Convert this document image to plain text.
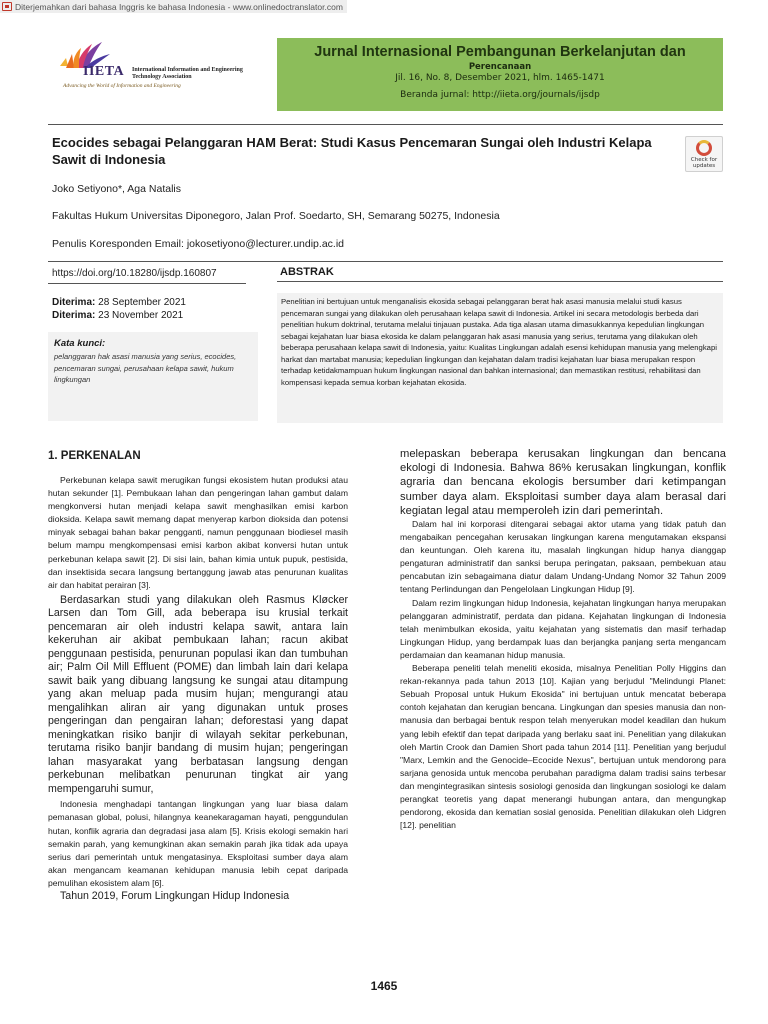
Diterjemahkan dari bahasa Inggris ke bahasa Indonesia - www.onlinedoctranslator.com
IIETA International Information and Engineering Technology Association
Advancing the World of Information and Engineering
Jurnal Internasional Pembangunan Berkelanjutan dan
Perencanaan
Jil. 16, No. 8, Desember 2021, hlm. 1465-1471
Beranda jurnal: http://iieta.org/journals/ijsdp
Ecocides sebagai Pelanggaran HAM Berat: Studi Kasus Pencemaran Sungai oleh Industri Kelapa Sawit di Indonesia	Check for updates
Joko Setiyono*, Aga Natalis
Fakultas Hukum Universitas Diponegoro, Jalan Prof. Soedarto, SH, Semarang 50275, Indonesia
Penulis Koresponden Email: jokosetiyono@lecturer.undip.ac.id
https://doi.org/10.18280/ijsdp.160807
Diterima: 28 September 2021
Diterima: 23 November 2021
Kata kunci:
pelanggaran hak asasi manusia yang serius, ecocides, pencemaran sungai, perusahaan kelapa sawit, hukum lingkungan
ABSTRAK

Penelitian ini bertujuan untuk menganalisis ekosida sebagai pelanggaran berat hak asasi manusia melalui studi kasus pencemaran sungai yang dilakukan oleh perusahaan kelapa sawit di Indonesia. Artikel ini secara metodologis berbeda dari penelitian hukum doktrinal, terutama melalui tinjauan pustaka. Ada tiga alasan utama dimasukkannya kepedulian lingkungan sebagai kejahatan luar biasa ekosida ke dalam pelanggaran hak asasi manusia yang serius, terutama yang dilakukan oleh beberapa perusahaan kelapa sawit di Indonesia, yaitu: Kualitas Lingkungan adalah esensi kehidupan manusia yang melengkapi harkat dan martabat manusia; kepedulian lingkungan dan kejahatan dalam tradisi kejahatan luar biasa merupakan respon terhadap ketidakmampuan hukum lingkungan nasional dan bahkan internasional; dan memastikan restitusi, rehabilitasi dan kompensasi kepada semua korban kejahatan ekosida.

1. PERKENALAN

Perkebunan kelapa sawit merugikan fungsi ekosistem hutan produksi atau hutan sekunder [1]. Pembukaan lahan dan pengeringan lahan gambut dalam mengkonversi hutan menjadi kelapa sawit menghasilkan emisi karbon dioksida. Kelapa sawit memang dapat menyerap karbon dioksida dan potensi minyak sebagai bahan bakar pengganti, namun penggunaan biodiesel masih belum mampu mengkompensasi emisi karbon akibat konversi hutan untuk perkebunan kelapa sawit [2]. Di sisi lain, bahan kimia untuk pupuk, pestisida, dan insektisida secara langsung bertanggung jawab atas penurunan kualitas air dan habitat perairan [3].

Berdasarkan studi yang dilakukan oleh Rasmus Kløcker Larsen dan Tom Gill, ada beberapa isu krusial terkait pencemaran air oleh industri kelapa sawit, antara lain kekeruhan air akibat pembukaan lahan; racun akibat penggunaan pestisida, penurunan populasi ikan dan tumbuhan air; Palm Oil Mill Effluent (POME) dan limbah lain dari kelapa sawit baik yang dibuang langsung ke sungai atau ditampung yang akan meluap pada musim hujan; mengurangi atau mengalihkan aliran air yang digunakan untuk proses pengeringan dan pengairan lahan; deforestasi yang dapat meningkatkan risiko banjir di wilayah sekitar perkebunan, terutama risiko banjir bandang di musim hujan; pengeringan lahan masyarakat yang berbatasan langsung dengan perkebunan melibatkan penurunan tingkat air yang mempengaruhi sumur,

Indonesia menghadapi tantangan lingkungan yang luar biasa dalam pemanasan global, polusi, hilangnya keanekaragaman hayati, penggundulan hutan, konflik agraria dan degradasi jasa alam [5]. Krisis ekologi semakin hari semakin parah, yang kemungkinan akan semakin parah jika tidak ada upaya serius dari pemerintah untuk mengatasinya. Eksploitasi sumber daya alam akan mengancam keamanan kehidupan manusia lebih cepat daripada pemulihan ekosistem alam [6].

Tahun 2019, Forum Lingkungan Hidup Indonesia

melepaskan beberapa kerusakan lingkungan dan bencana ekologi di Indonesia. Bahwa 86% kerusakan lingkungan, konflik agraria dan bencana ekologis bersumber dari ketimpangan sumber daya alam. Eksploitasi sumber daya alam berasal dari kegiatan legal atau memperoleh izin dari pemerintah.

Dalam hal ini korporasi ditengarai sebagai aktor utama yang tidak patuh dan mengabaikan pencegahan kerusakan lingkungan karena mengutamakan ekspansi dan keuntungan. Oleh karena itu, masalah lingkungan hidup hanya dianggap pengaturan administratif dan sanksi berupa peringatan, paksaan, pembekuan atau pencabutan izin sebagaimana diatur dalam Undang-Undang Nomor 32 Tahun 2009 tentang Perlindungan dan Pengelolaan Lingkungan Hidup [9].

Dalam rezim lingkungan hidup Indonesia, kejahatan lingkungan hanya merupakan pelanggaran administratif, perdata dan pidana. Kejahatan lingkungan di Indonesia telah menimbulkan ekosida, yaitu kejahatan yang sistematis dan masif terhadap Lingkungan Hidup, yang berdampak luas dan berjangka panjang serta mengancam perdamaian dan keamanan hidup manusia.

Beberapa peneliti telah meneliti ekosida, misalnya Penelitian Polly Higgins dan rekan-rekannya pada tahun 2013 [10]. Kajian yang berjudul "Melindungi Planet: Sebuah Proposal untuk Hukum Ekosida" ini bertujuan untuk mencatat beberapa contoh kejahatan dan kerugian bencana. Lingkungan dan spesies manusia dan non-manusia dan berbagai bentuk respon telah menyerukan model keadilan dan hukum yang lebih efektif dan tepat daripada yang berlaku saat ini. Penelitian yang dilakukan oleh Martin Crook dan Damien Short pada tahun 2014 [11]. Penelitian yang berjudul "Marx, Lemkin and the Genocide–Ecocide Nexus", bertujuan untuk mendorong para sarjana genosida untuk mencoba perubahan paradigma dalam tradisi sains terbesar dan mengintegrasikan sintesis sosiologi genosida dan lingkungan sosiologi ke dalam perangkat teoretis yang dapat menerangi hubungan antara, dan mengungkap pendorong, ekosida dan kematian sosial genosida. Penelitian dilakukan oleh Lidgren [12]. penelitian

1465
